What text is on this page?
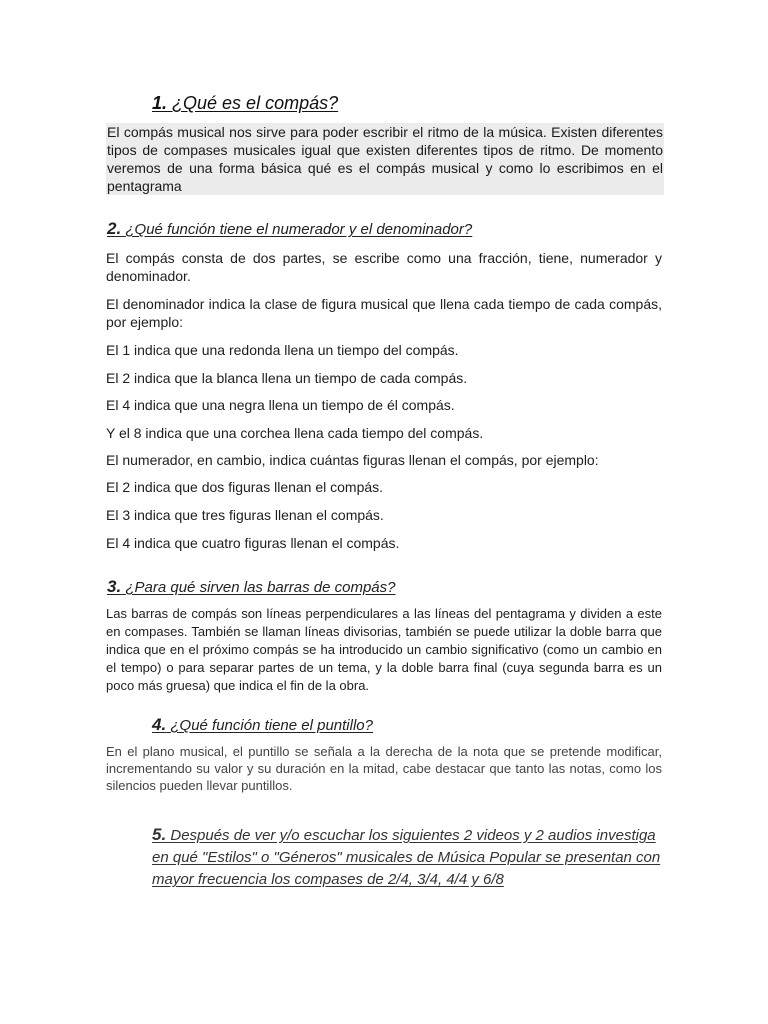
1. ¿Qué es el compás?
El compás musical nos sirve para poder escribir el ritmo de la música. Existen diferentes tipos de compases musicales igual que existen diferentes tipos de ritmo. De momento veremos de una forma básica qué es el compás musical y como lo escribimos en el pentagrama
2. ¿Qué función tiene el numerador y el denominador?
El compás consta de dos partes, se escribe como una fracción, tiene, numerador y denominador.
El denominador indica la clase de figura musical que llena cada tiempo de cada compás, por ejemplo:
El 1 indica que una redonda llena un tiempo del compás.
El 2 indica que la blanca llena un tiempo de cada compás.
El 4 indica que una negra llena un tiempo de él compás.
Y el 8 indica que una corchea llena cada tiempo del compás.
El numerador, en cambio, indica cuántas figuras llenan el compás, por ejemplo:
El 2 indica que dos figuras llenan el compás.
El 3 indica que tres figuras llenan el compás.
El 4 indica que cuatro figuras llenan el compás.
3. ¿Para qué sirven las barras de compás?
Las barras de compás son líneas perpendiculares a las líneas del pentagrama y dividen a este en compases. También se llaman líneas divisorias, también se puede utilizar la doble barra que indica que en el próximo compás se ha introducido un cambio significativo (como un cambio en el tempo) o para separar partes de un tema, y la doble barra final (cuya segunda barra es un poco más gruesa) que indica el fin de la obra.
4. ¿Qué función tiene el puntillo?
En el plano musical, el puntillo se señala a la derecha de la nota que se pretende modificar, incrementando su valor y su duración en la mitad, cabe destacar que tanto las notas, como los silencios pueden llevar puntillos.
5. Después de ver y/o escuchar los siguientes 2 videos y 2 audios investiga en qué "Estilos" o "Géneros" musicales de Música Popular se presentan con mayor frecuencia los compases de 2/4, 3/4, 4/4 y 6/8
